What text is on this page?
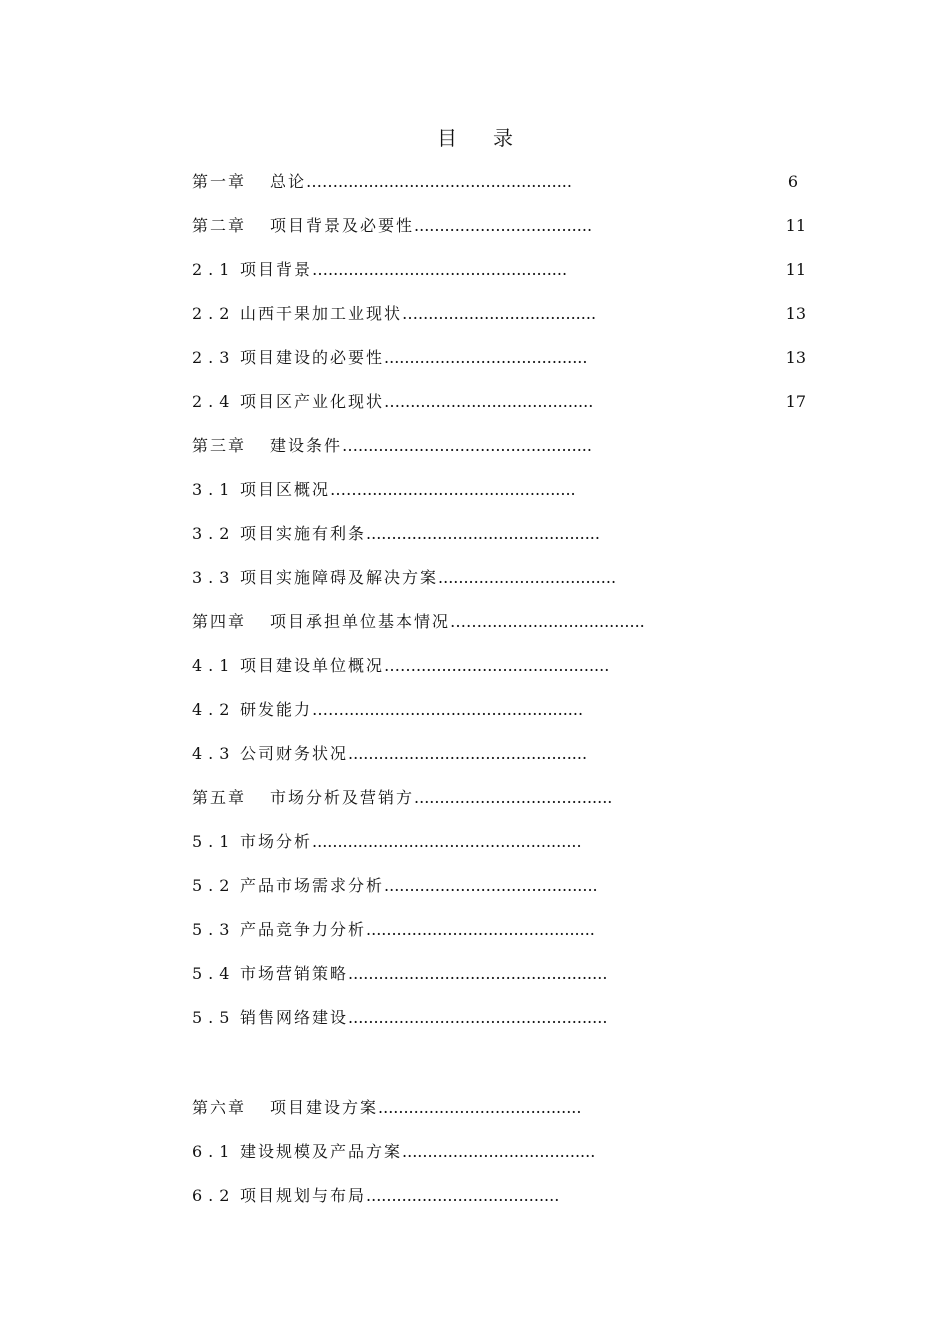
目录
第一章 总论……..............................................	6
第二章 项目背景及必要性...................................	11
2.1 项目背景…...............................................	11
2.2 山西干果加工业现状…...................................	13
2.3 项目建设的必要性........................................	13
2.4 项目区产业化现状…......................................	17
第三章 建设条件…..............................................
3.1 项目区概况……..........................................
3.2 项目实施有利条..............................................
3.3 项目实施障碍及解决方案...................................
第四章 项目承担单位基本情况……................................
4.1 项目建设单位概况……......................................
4.2 研发能力……...............................................
4.3 公司财务状况...............................................
第五章 市场分析及营销方.......................................
5.1 市场分析.....................................................
5.2 产品市场需求分析..........................................
5.3 产品竞争力分析.............................................
5.4 市场营销策略...................................................
5.5 销售网络建设...................................................
第六章 项目建设方案........................................
6.1 建设规模及产品方案......................................
6.2 项目规划与布局......................................
